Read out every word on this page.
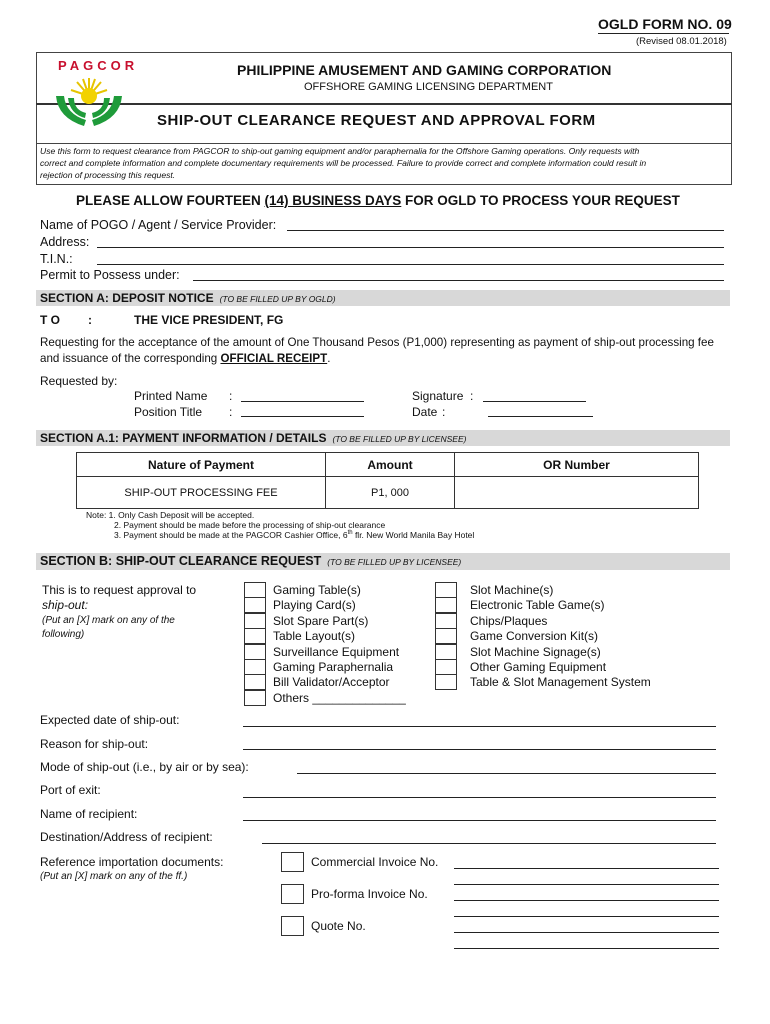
OGLD FORM NO. 09
(Revised 08.01.2018)
PAGCOR	PHILIPPINE AMUSEMENT AND GAMING CORPORATION
OFFSHORE GAMING LICENSING DEPARTMENT
SHIP-OUT CLEARANCE REQUEST AND APPROVAL FORM
Use this form to request clearance from PAGCOR to ship-out gaming equipment and/or paraphernalia for the Offshore Gaming operations. Only requests with
correct and complete information and complete documentary requirements will be processed. Failure to provide correct and complete information could result in
rejection of processing this request.
PLEASE ALLOW FOURTEEN (14) BUSINESS DAYS FOR OGLD TO PROCESS YOUR REQUEST
Name of POGO / Agent / Service Provider:
Address:
T.I.N.:
Permit to Possess under:
SECTION A: DEPOSIT NOTICE (TO BE FILLED UP BY OGLD)
T O :	THE VICE PRESIDENT, FG
Requesting for the acceptance of the amount of One Thousand Pesos (P1,000) representing as payment of ship-out processing fee
and issuance of the corresponding OFFICIAL RECEIPT.
Requested by:
Printed Name :
Position Title :
Signature :
Date :
SECTION A.1: PAYMENT INFORMATION / DETAILS (TO BE FILLED UP BY LICENSEE)
Nature of Payment	Amount	OR Number
SHIP-OUT PROCESSING FEE	P1, 000	
Note: 1. Only Cash Deposit will be accepted.
2. Payment should be made before the processing of ship-out clearance
3. Payment should be made at the PAGCOR Cashier Office, 6th flr. New World Manila Bay Hotel
SECTION B: SHIP-OUT CLEARANCE REQUEST (TO BE FILLED UP BY LICENSEE)
This is to request approval to
ship-out:
(Put an [X] mark on any of the
following)
Gaming Table(s)
Playing Card(s)
Slot Spare Part(s)
Table Layout(s)
Surveillance Equipment
Gaming Paraphernalia
Bill Validator/Acceptor
Others ______________
Slot Machine(s)
Electronic Table Game(s)
Chips/Plaques
Game Conversion Kit(s)
Slot Machine Signage(s)
Other Gaming Equipment
Table & Slot Management System
Expected date of ship-out:
Reason for ship-out:
Mode of ship-out (i.e., by air or by sea):
Port of exit:
Name of recipient:
Destination/Address of recipient:
Reference importation documents:
(Put an [X] mark on any of the ff.)
Commercial Invoice No.
Pro-forma Invoice No.
Quote No.
